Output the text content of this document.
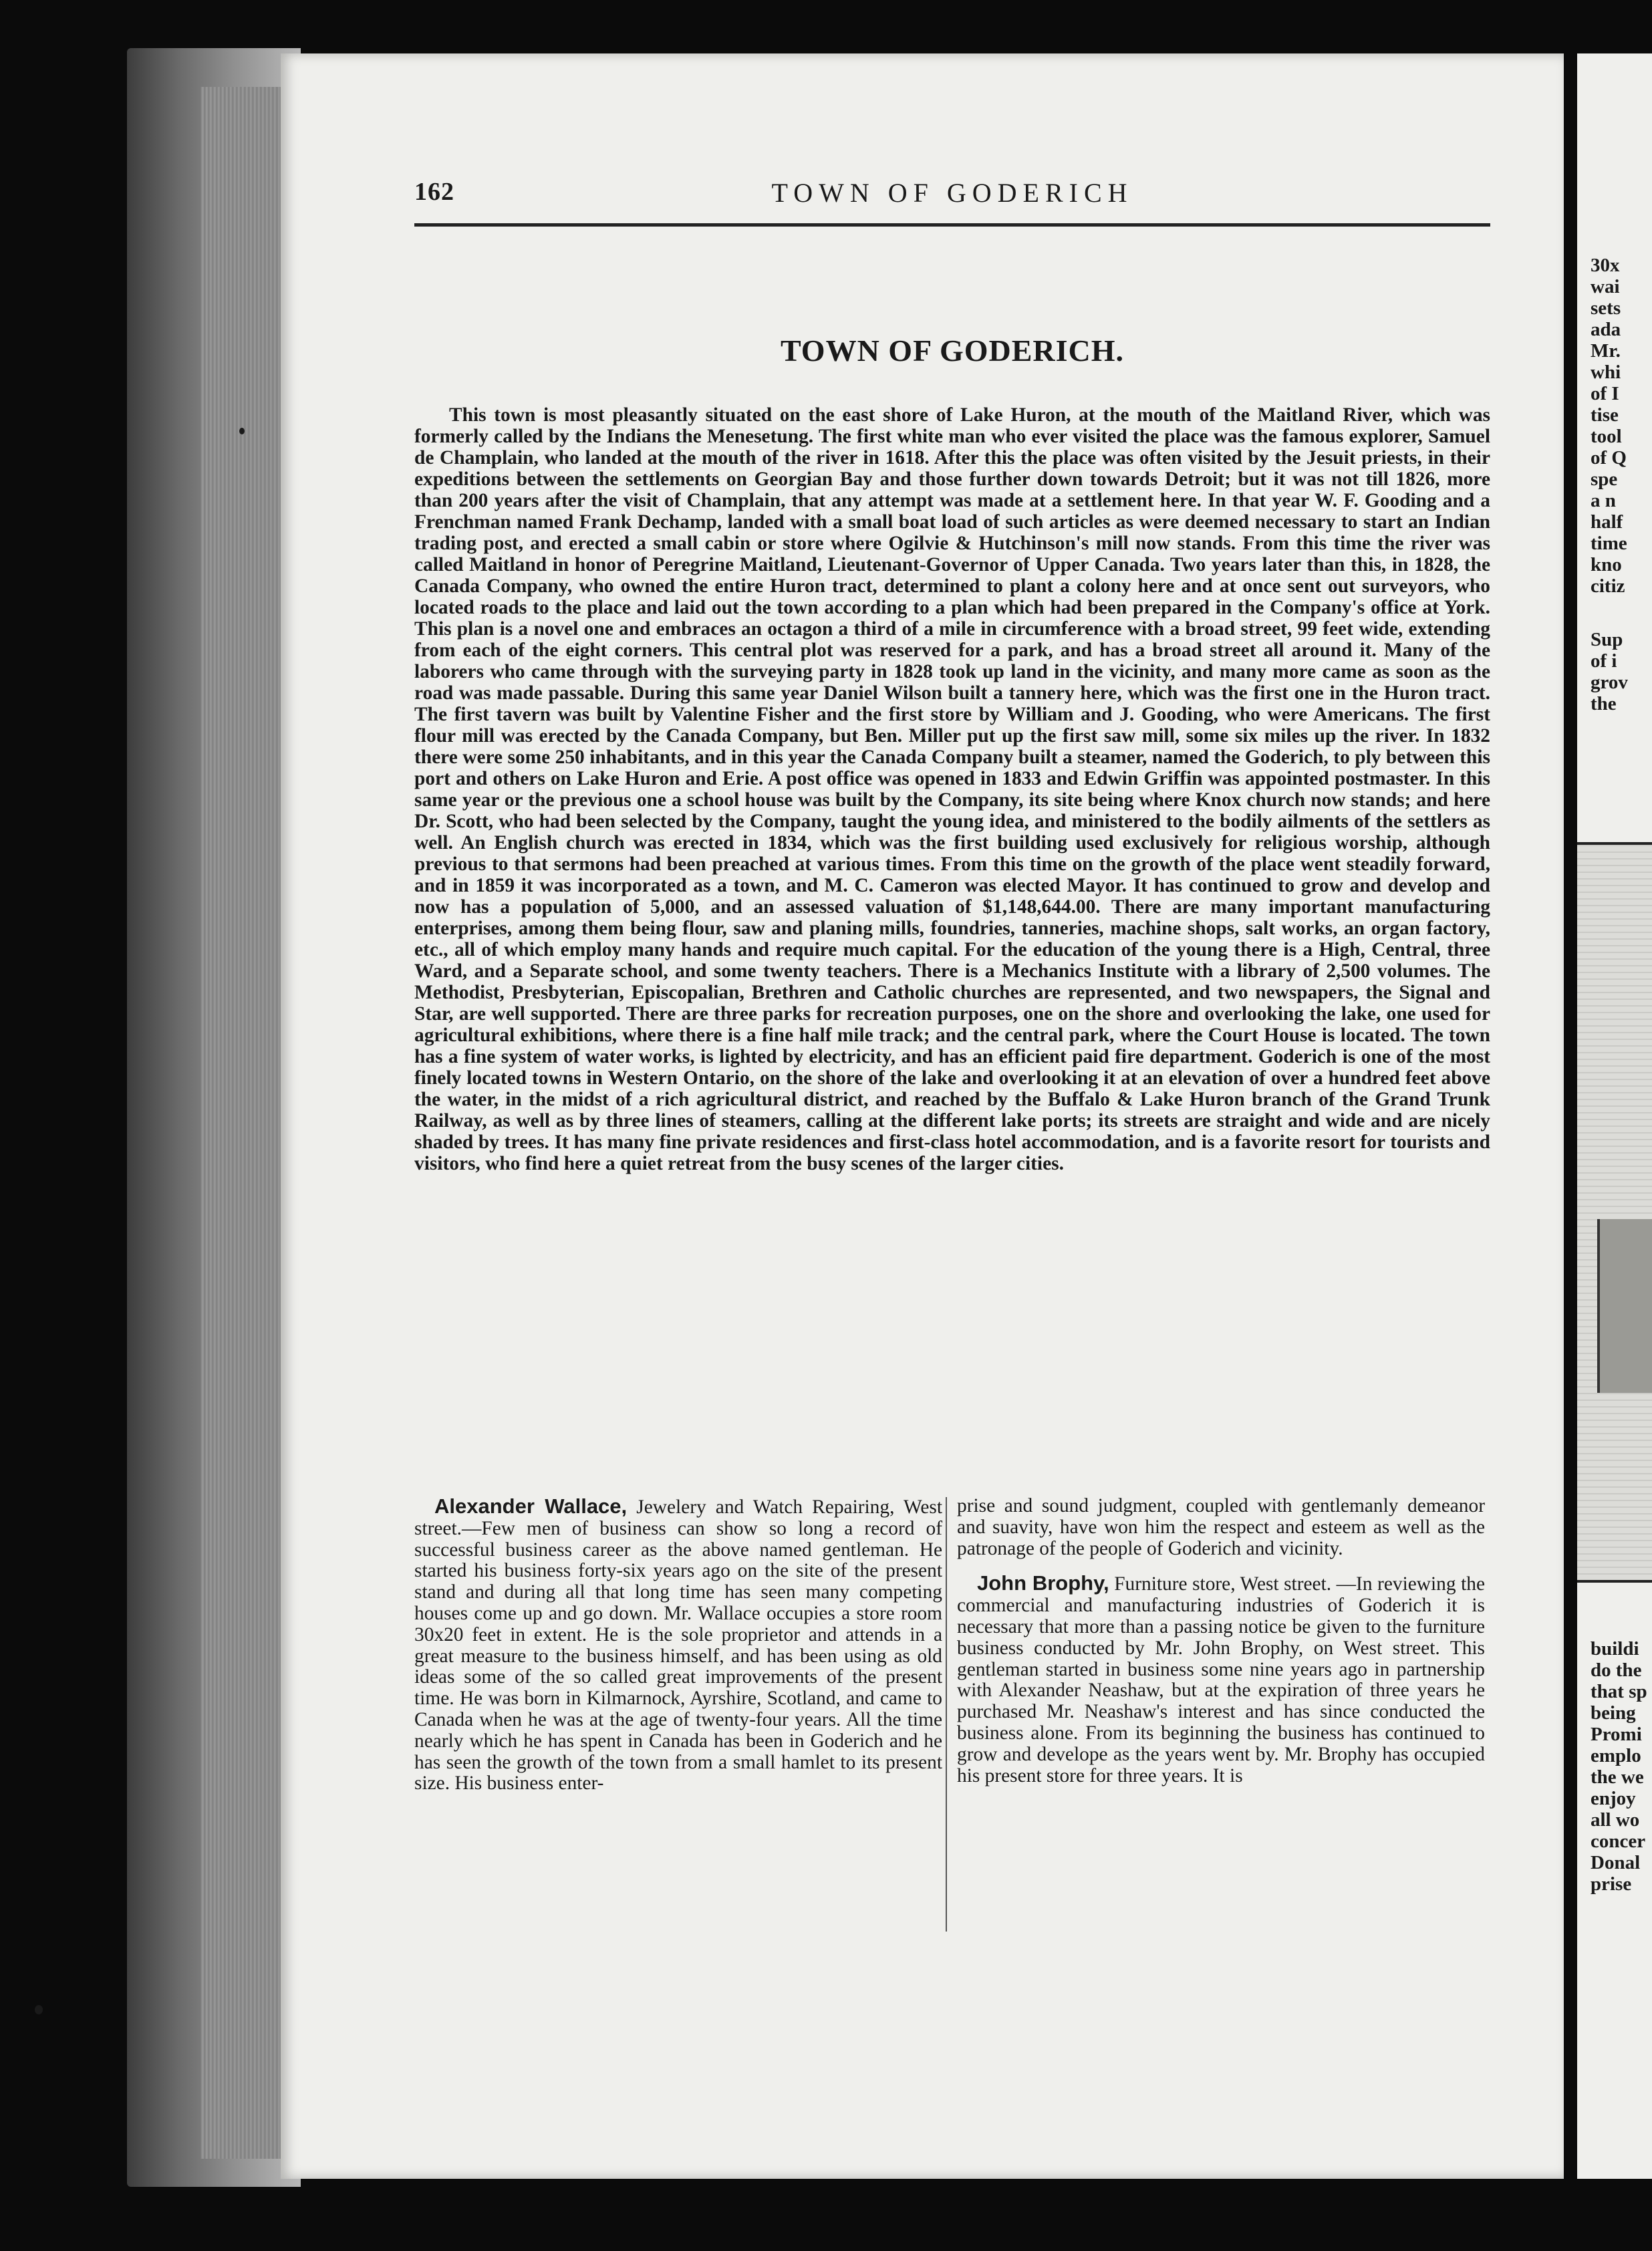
30x
wai
sets
ada
Mr.
whi
of I
tise
tool
of Q
spe
a n
half
time
kno
citiz
Sup
of i
grov
the
buildi
do the
that sp
being
Promi
emplo
the we
enjoy
all wo
concer
Donal
prise
162	TOWN OF GODERICH
TOWN OF GODERICH.

This town is most pleasantly situated on the east shore of Lake Huron, at the mouth of the Maitland River, which was formerly called by the Indians the Menesetung. The first white man who ever visited the place was the famous explorer, Samuel de Champlain, who landed at the mouth of the river in 1618. After this the place was often visited by the Jesuit priests, in their expeditions between the settlements on Georgian Bay and those further down towards Detroit; but it was not till 1826, more than 200 years after the visit of Champlain, that any attempt was made at a settlement here. In that year W. F. Gooding and a Frenchman named Frank Dechamp, landed with a small boat load of such articles as were deemed necessary to start an Indian trading post, and erected a small cabin or store where Ogilvie & Hutchinson's mill now stands. From this time the river was called Maitland in honor of Peregrine Maitland, Lieutenant-Governor of Upper Canada. Two years later than this, in 1828, the Canada Company, who owned the entire Huron tract, determined to plant a colony here and at once sent out surveyors, who located roads to the place and laid out the town according to a plan which had been prepared in the Company's office at York. This plan is a novel one and embraces an octagon a third of a mile in circumference with a broad street, 99 feet wide, extending from each of the eight corners. This central plot was reserved for a park, and has a broad street all around it. Many of the laborers who came through with the surveying party in 1828 took up land in the vicinity, and many more came as soon as the road was made passable. During this same year Daniel Wilson built a tannery here, which was the first one in the Huron tract. The first tavern was built by Valentine Fisher and the first store by William and J. Gooding, who were Americans. The first flour mill was erected by the Canada Company, but Ben. Miller put up the first saw mill, some six miles up the river. In 1832 there were some 250 inhabitants, and in this year the Canada Company built a steamer, named the Goderich, to ply between this port and others on Lake Huron and Erie. A post office was opened in 1833 and Edwin Griffin was appointed postmaster. In this same year or the previous one a school house was built by the Company, its site being where Knox church now stands; and here Dr. Scott, who had been selected by the Company, taught the young idea, and ministered to the bodily ailments of the settlers as well. An English church was erected in 1834, which was the first building used exclusively for religious worship, although previous to that sermons had been preached at various times. From this time on the growth of the place went steadily forward, and in 1859 it was incorporated as a town, and M. C. Cameron was elected Mayor. It has continued to grow and develop and now has a population of 5,000, and an assessed valuation of $1,148,644.00. There are many important manufacturing enterprises, among them being flour, saw and planing mills, foundries, tanneries, machine shops, salt works, an organ factory, etc., all of which employ many hands and require much capital. For the education of the young there is a High, Central, three Ward, and a Separate school, and some twenty teachers. There is a Mechanics Institute with a library of 2,500 volumes. The Methodist, Presbyterian, Episcopalian, Brethren and Catholic churches are represented, and two newspapers, the Signal and Star, are well supported. There are three parks for recreation purposes, one on the shore and overlooking the lake, one used for agricultural exhibitions, where there is a fine half mile track; and the central park, where the Court House is located. The town has a fine system of water works, is lighted by electricity, and has an efficient paid fire department. Goderich is one of the most finely located towns in Western Ontario, on the shore of the lake and overlooking it at an elevation of over a hundred feet above the water, in the midst of a rich agricultural district, and reached by the Buffalo & Lake Huron branch of the Grand Trunk Railway, as well as by three lines of steamers, calling at the different lake ports; its streets are straight and wide and are nicely shaded by trees. It has many fine private residences and first-class hotel accommodation, and is a favorite resort for tourists and visitors, who find here a quiet retreat from the busy scenes of the larger cities.

Alexander Wallace, Jewelery and Watch Repairing, West street.—Few men of business can show so long a record of successful business career as the above named gentleman. He started his business forty-six years ago on the site of the present stand and during all that long time has seen many competing houses come up and go down. Mr. Wallace occupies a store room 30x20 feet in extent. He is the sole proprietor and attends in a great measure to the business himself, and has been using as old ideas some of the so called great improvements of the present time. He was born in Kilmarnock, Ayrshire, Scotland, and came to Canada when he was at the age of twenty-four years. All the time nearly which he has spent in Canada has been in Goderich and he has seen the growth of the town from a small hamlet to its present size. His business enter-

prise and sound judgment, coupled with gentlemanly demeanor and suavity, have won him the respect and esteem as well as the patronage of the people of Goderich and vicinity.

John Brophy, Furniture store, West street. —In reviewing the commercial and manufacturing industries of Goderich it is necessary that more than a passing notice be given to the furniture business conducted by Mr. John Brophy, on West street. This gentleman started in business some nine years ago in partnership with Alexander Neashaw, but at the expiration of three years he purchased Mr. Neashaw's interest and has since conducted the business alone. From its beginning the business has continued to grow and develope as the years went by. Mr. Brophy has occupied his present store for three years. It is
